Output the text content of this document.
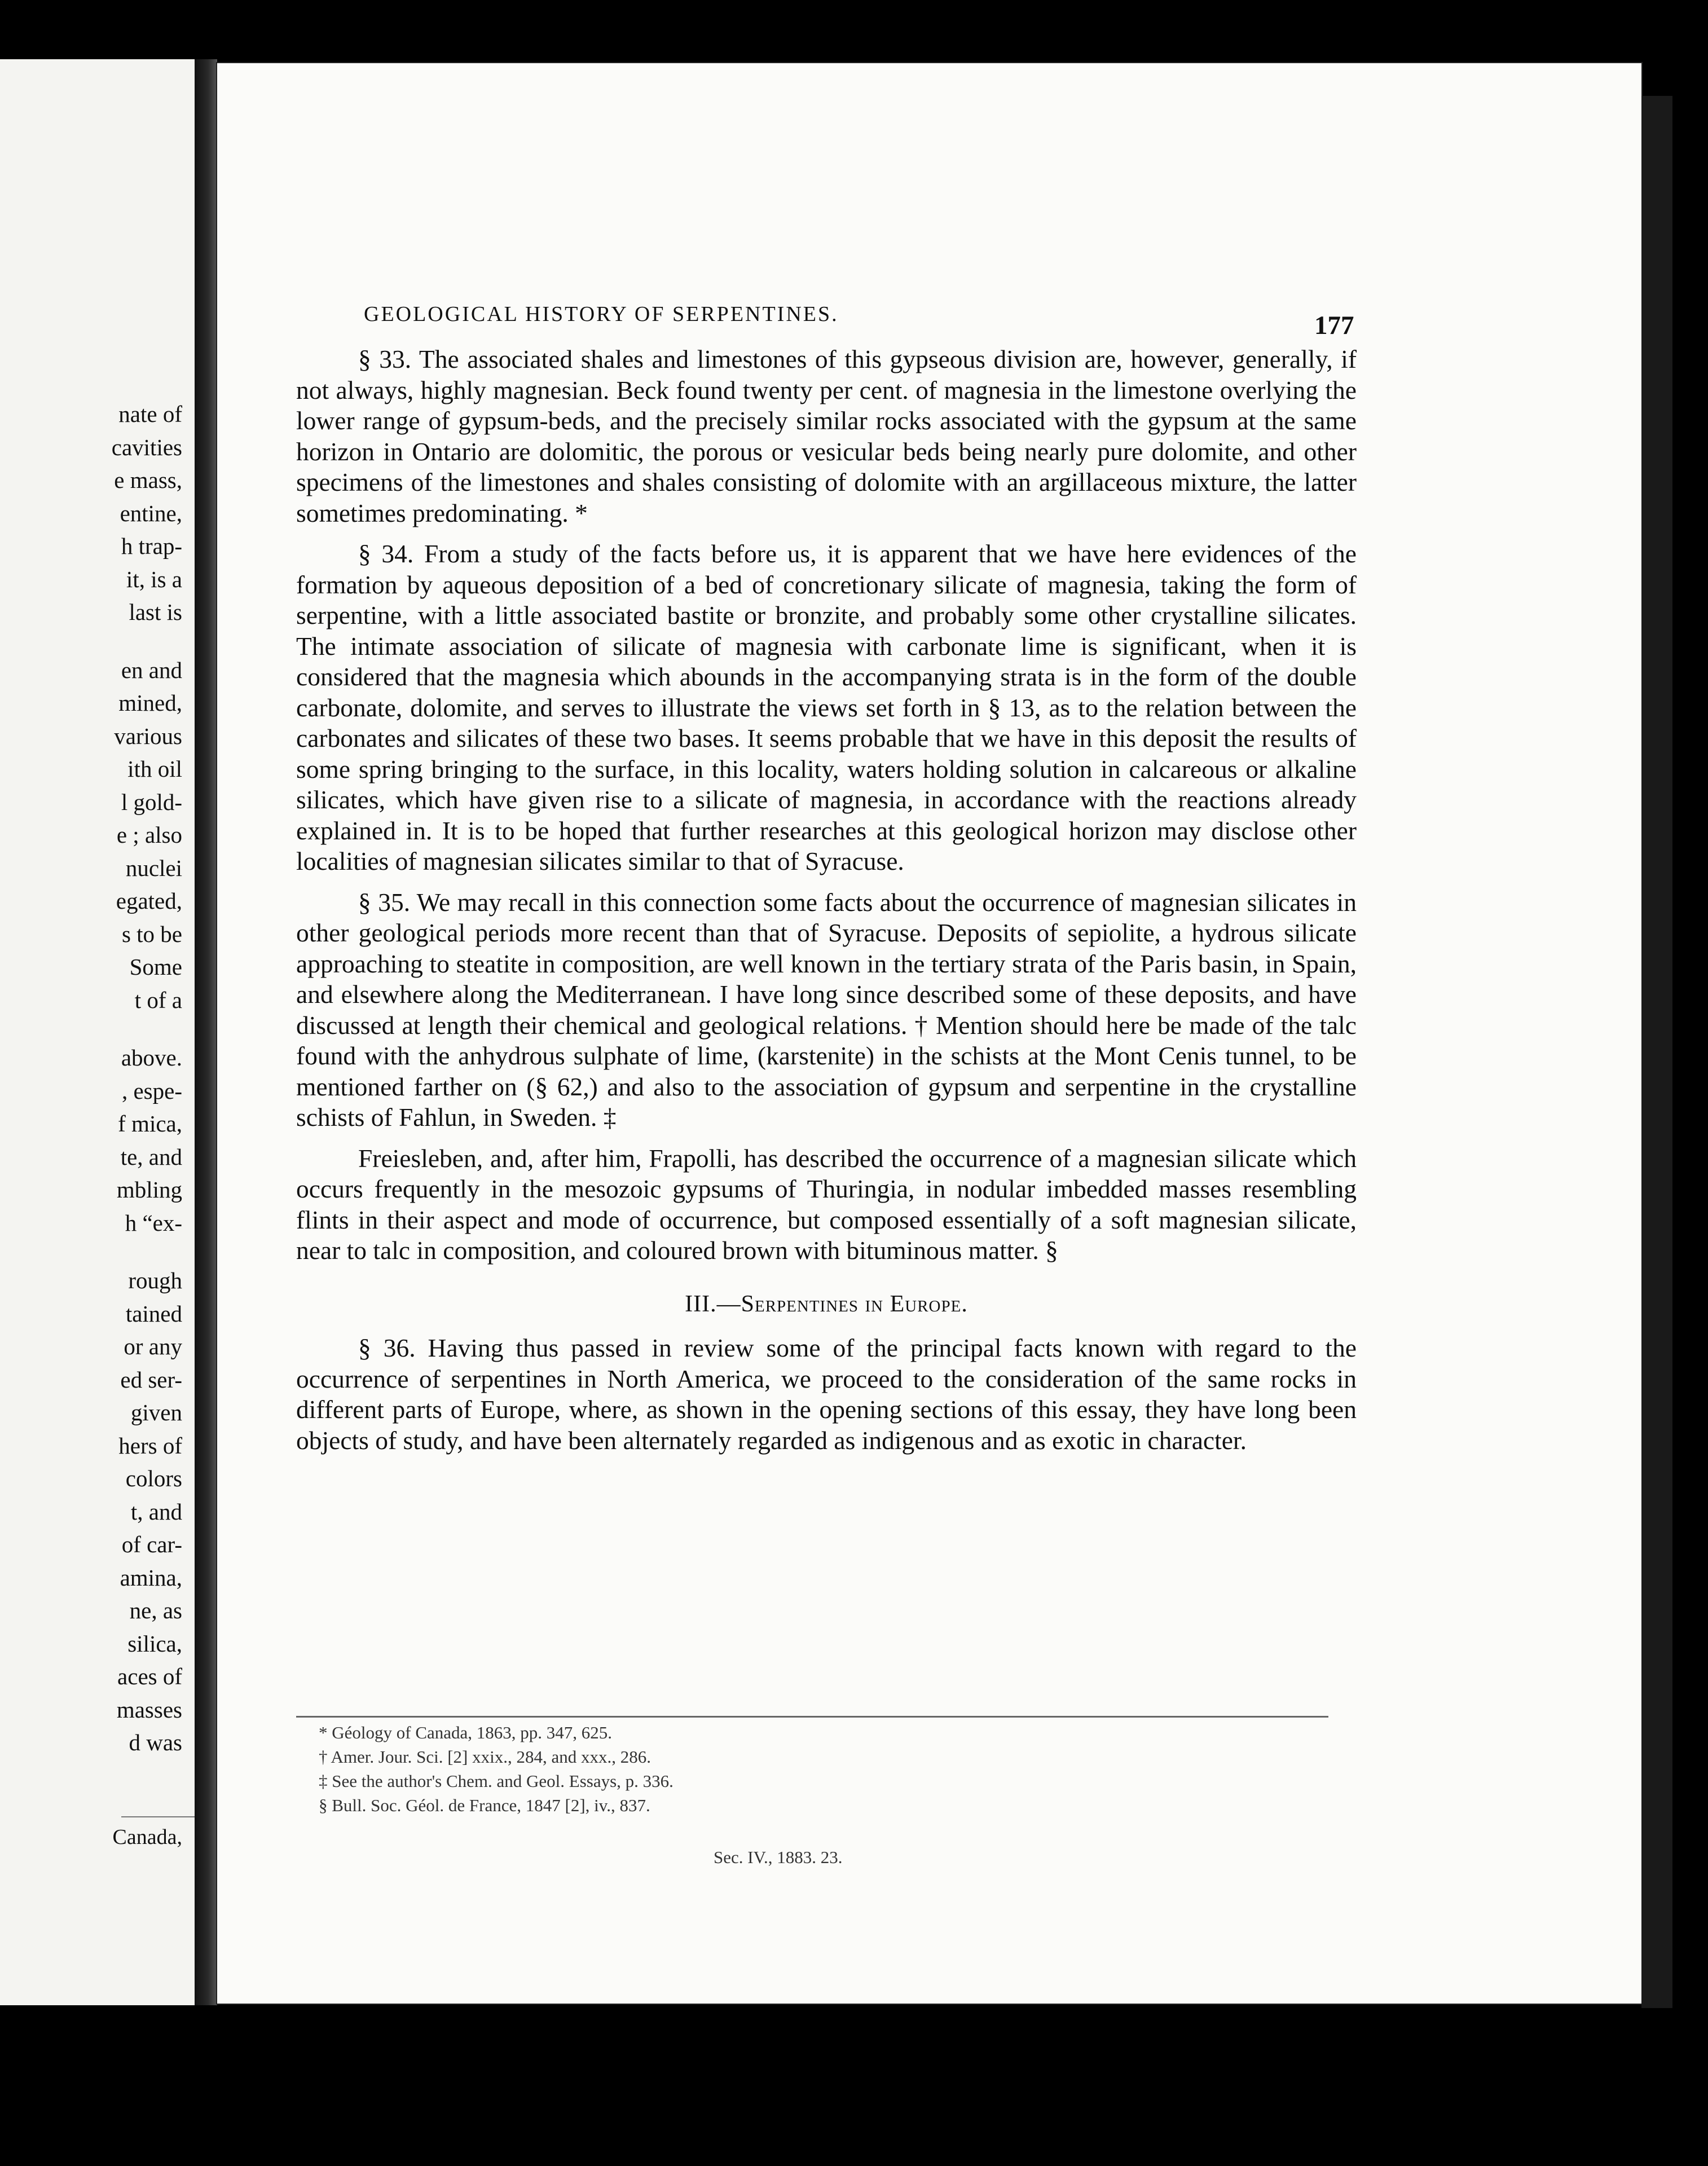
nate of
cavities
e mass,
entine,
h trap-
it, is a
last is
en and
mined,
various
ith oil
l gold-
e ; also
nuclei
egated,
s to be
Some
t of a
above.
, espe-
f mica,
te, and
mbling
h “ex-
rough
tained
or any
ed ser-
given
hers of
colors
t, and
of car-
amina,
ne, as
silica,
aces of
masses
d was
Canada,
GEOLOGICAL HISTORY OF SERPENTINES.	177

§ 33. The associated shales and limestones of this gypseous division are, however, generally, if not always, highly magnesian. Beck found twenty per cent. of magnesia in the limestone overlying the lower range of gypsum-beds, and the precisely similar rocks associated with the gypsum at the same horizon in Ontario are dolomitic, the porous or vesicular beds being nearly pure dolomite, and other specimens of the limestones and shales consisting of dolomite with an argillaceous mixture, the latter sometimes predominating. *

§ 34. From a study of the facts before us, it is apparent that we have here evidences of the formation by aqueous deposition of a bed of concretionary silicate of magnesia, taking the form of serpentine, with a little associated bastite or bronzite, and probably some other crystalline silicates. The intimate association of silicate of magnesia with carbonate lime is significant, when it is considered that the magnesia which abounds in the accompanying strata is in the form of the double carbonate, dolomite, and serves to illustrate the views set forth in § 13, as to the relation between the carbonates and silicates of these two bases. It seems probable that we have in this deposit the results of some spring bringing to the surface, in this locality, waters holding solution in calcareous or alkaline silicates, which have given rise to a silicate of magnesia, in accordance with the reactions already explained in. It is to be hoped that further researches at this geological horizon may disclose other localities of magnesian silicates similar to that of Syracuse.

§ 35. We may recall in this connection some facts about the occurrence of magnesian silicates in other geological periods more recent than that of Syracuse. Deposits of sepiolite, a hydrous silicate approaching to steatite in composition, are well known in the tertiary strata of the Paris basin, in Spain, and elsewhere along the Mediterranean. I have long since described some of these deposits, and have discussed at length their chemical and geological relations. † Mention should here be made of the talc found with the anhydrous sulphate of lime, (karstenite) in the schists at the Mont Cenis tunnel, to be mentioned farther on (§ 62,) and also to the association of gypsum and serpentine in the crystalline schists of Fahlun, in Sweden. ‡

Freiesleben, and, after him, Frapolli, has described the occurrence of a magnesian silicate which occurs frequently in the mesozoic gypsums of Thuringia, in nodular imbedded masses resembling flints in their aspect and mode of occurrence, but composed essentially of a soft magnesian silicate, near to talc in composition, and coloured brown with bituminous matter. §

III.—Serpentines in Europe.

§ 36. Having thus passed in review some of the principal facts known with regard to the occurrence of serpentines in North America, we proceed to the consideration of the same rocks in different parts of Europe, where, as shown in the opening sections of this essay, they have long been objects of study, and have been alternately regarded as indigenous and as exotic in character.

* Géology of Canada, 1863, pp. 347, 625.
† Amer. Jour. Sci. [2] xxix., 284, and xxx., 286.
‡ See the author's Chem. and Geol. Essays, p. 336.
§ Bull. Soc. Géol. de France, 1847 [2], iv., 837.
Sec. IV., 1883. 23.
